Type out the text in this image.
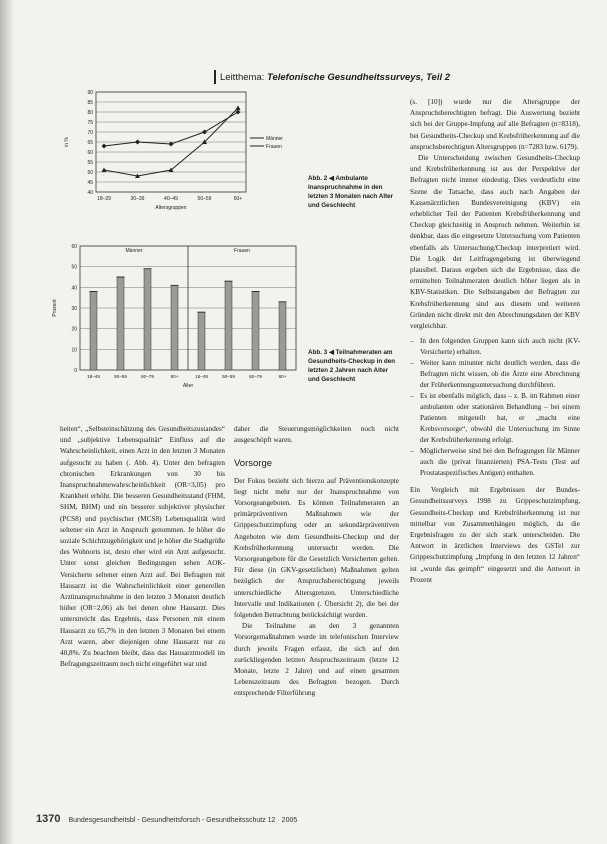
Leitthema: Telefonische Gesundheitssurveys, Teil 2
40
45
50
55
60
65
70
75
80
85
90
18–29	30–39	40–49	50–59	60+
in %
Altersgruppen
Männer
Frauen
Abb. 2 ◀ Ambulante Inanspruchnahme in den letzten 3 Monaten nach Alter und Geschlecht
0
10
20
30
40
50
60
Männer	Frauen
18–49	50–59	60–79	80+	18–49	50–59	60–79	80+
Prozent
Alter
Abb. 3 ◀ Teilnahmeraten am Gesundheits-Checkup in den letzten 2 Jahren nach Alter und Geschlecht

(s. [10]) wurde nur die Altersgruppe der Anspruchsberechtigten befragt. Die Auswertung bezieht sich bei der Gruppe-Impfung auf alle Befragten (n=8318), bei Gesundheits-Checkup und Krebsfrüherkennung auf die anspruchsberechtigten Altersgruppen (n=7283 bzw. 6179).

Die Unterscheidung zwischen Gesundheits-Checkup und Krebsfrüherkennung ist aus der Perspektive der Befragten nicht immer eindeutig. Dies verdeutlicht eine Szene die Tatsache, dass auch nach Angaben der Kassenärztlichen Bundesvereinigung (KBV) ein erheblicher Teil der Patienten Krebsfrüherkennung und Checkup gleichzeitig in Anspruch nehmen. Weiterhin ist denkbar, dass die eingesetzte Untersuchung vom Patienten ebenfalls als Untersuchung/Checkup interpretiert wird. Die Logik der Leitfragengebung ist überwiegend plausibel. Daraus ergeben sich die Ergebnisse, dass die ermittelten Teilnahmeraten deutlich höher liegen als in KBV-Statistiken. Die Selbstangaben der Befragten zur Krebsfrüherkennung sind aus diesem und weiteren Gründen nicht direkt mit den Abrechnungsdaten der KBV vergleichbar.

– In den folgenden Gruppen kann sich auch nicht (KV-Versicherte) erhalten.
– Weiter kann mitunter nicht deutlich werden, dass die Befragten nicht wissen, ob die Ärzte eine Abrechnung der Früherkennungsuntersuchung durchführen.
– Es ist ebenfalls möglich, dass – z. B. im Rahmen einer ambulanten oder stationären Behandlung – bei einem Patienten mitgeteilt hat, er „macht eine Krebsvorsorge“, obwohl die Untersuchung im Sinne der Krebsfrüherkennung erfolgt.
– Möglicherweise sind bei den Befragungen für Männer auch die (privat finanzierten) PSA-Tests (Test auf Prostataspezifisches Antigen) enthalten.

Ein Vergleich mit Ergebnissen der Bundes-Gesundheitssurveys 1998 zu Grippeschutzimpfung, Gesundheits-Checkup und Krebsfrüherkennung ist nur mittelbar von Zusammenhängen möglich, da die Ergebnisfragen zu der sich stark unterscheiden. Die Antwort in ärztlichen Interviews des GSTel zur Grippeschutzimpfung „Impfung in den letzten 12 Jahren“ ist „wurde das geimpft“ eingesetzt und die Antwort in Prozent

heiten“, „Selbsteinschätzung des Gesundheitszustandes“ und „subjektive Lebensqualität“ Einfluss auf die Wahrscheinlichkeit, einen Arzt in den letzten 3 Monaten aufgesucht zu haben (. Abb. 4). Unter den befragten chronischen Erkrankungen von 30 bis Inanspruchnahmewahrscheinlichkeit (OR=3,05) pro Krankheit erhöht. Die besseren Gesundheitsstand (FHM, SHM, BHM) und ein besserer subjektiver physischer (PCS8) und psychischer (MCS8) Lebensqualität wird seltener ein Arzt in Anspruch genommen. Je höher die soziale Schichtzugehörigkeit und je höher die Stadtgröße des Wohnorts ist, desto eher wird ein Arzt aufgesucht. Unter sonst gleichen Bedingungen sehen AOK-Versicherte seltener einen Arzt auf. Bei Befragten mit Hausarzt ist die Wahrscheinlichkeit einer generellen Arztinanspruchnahme in den letzten 3 Monaten deutlich höher (OR=2,06) als bei denen ohne Hausarzt. Dies unterstreicht das Ergebnis, dass Personen mit einem Hausarzt zu 65,7% in den letzten 3 Monaten bei einem Arzt waren, aber diejenigen ohne Hausarzt nur zu 40,8%. Zu beachten bleibt, dass das Hausarztmodell im Befragungszeitraum noch nicht eingeführt war und

daher die Steuerungsmöglichkeiten noch nicht ausgeschöpft waren.

Vorsorge

Der Fokus bezieht sich hierzu auf Präventionskonzepte liegt nicht mehr nur der Inanspruchnahme von Vorsorgeangeboten. Es können Teilnahmeraten an primärpräventiven Maßnahmen wie der Grippeschutzimpfung oder an sekundärpräventiven Angeboten wie dem Gesundheits-Checkup und der Krebsfrüherkennung untersucht werden. Die Vorsorgeangebote für die Gesetzlich Versicherten gelten. Für diese (in GKV-gesetzlichen) Maßnahmen gelten bezüglich der Anspruchsberechtigung jeweils unterschiedliche Altersgrenzen. Unterschiedliche Intervalle und Indikationen (. Übersicht 2), die bei der folgenden Betrachtung berücksichtigt wurden.

Die Teilnahme an den 3 genannten Vorsorgemaßnahmen wurde im telefonischen Interview durch jeweils Fragen erfasst, die sich auf den zurückliegenden letzten Anspruchszeitraum (letzte 12 Monate, letzte 2 Jahre) und auf einen gesamten Lebenszeitraum des Befragten bezogen. Durch entsprechende Filterführung

1370 Bundesgesundheitsbl - Gesundheitsforsch - Gesundheitsschutz 12 · 2005
